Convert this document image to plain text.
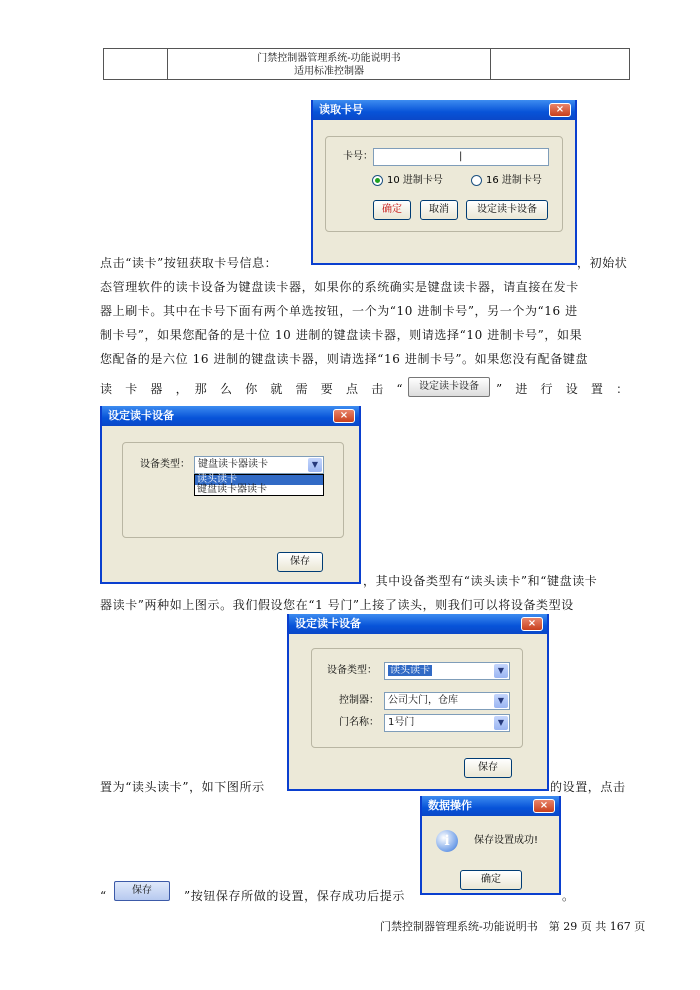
门禁控制器管理系统-功能说明书
适用标准控制器
读取卡号	×
卡号：	|
10 进制卡号	16 进制卡号
确定	取消	设定读卡设备
点击“读卡”按钮获取卡号信息：	，初始状
态管理软件的读卡设备为键盘读卡器，如果你的系统确实是键盘读卡器，请直接在发卡
器上刷卡。其中在卡号下面有两个单选按钮，一个为“10 进制卡号”，另一个为“16 进
制卡号”，如果您配备的是十位 10 进制的键盘读卡器，则请选择“10 进制卡号”，如果
您配备的是六位 16 进制的键盘读卡器，则请选择“16 进制卡号”。如果您没有配备键盘
读　卡　器　，　那　么　你　就　需　要　点　击　“	”　进　行　设　置　：
设定读卡设备
设定读卡设备	×
设备类型： 键盘读卡器读卡	▼
读头读卡
键盘读卡器读卡
保存
，其中设备类型有“读头读卡”和“键盘读卡

器读卡”两种如上图示。我们假设您在“1 号门”上接了读头，则我们可以将设备类型设
设定读卡设备	×
设备类型：	读头读卡	▼
控制器： 公司大门，仓库	▼
门名称： 1号门	▼
保存
置为“读头读卡”，如下图所示	的设置，点击
数据操作	×
i	保存设置成功!
确定
“	”按钮保存所做的设置，保存成功后提示	。
保存
门禁控制器管理系统-功能说明书　第 29 页 共 167 页
